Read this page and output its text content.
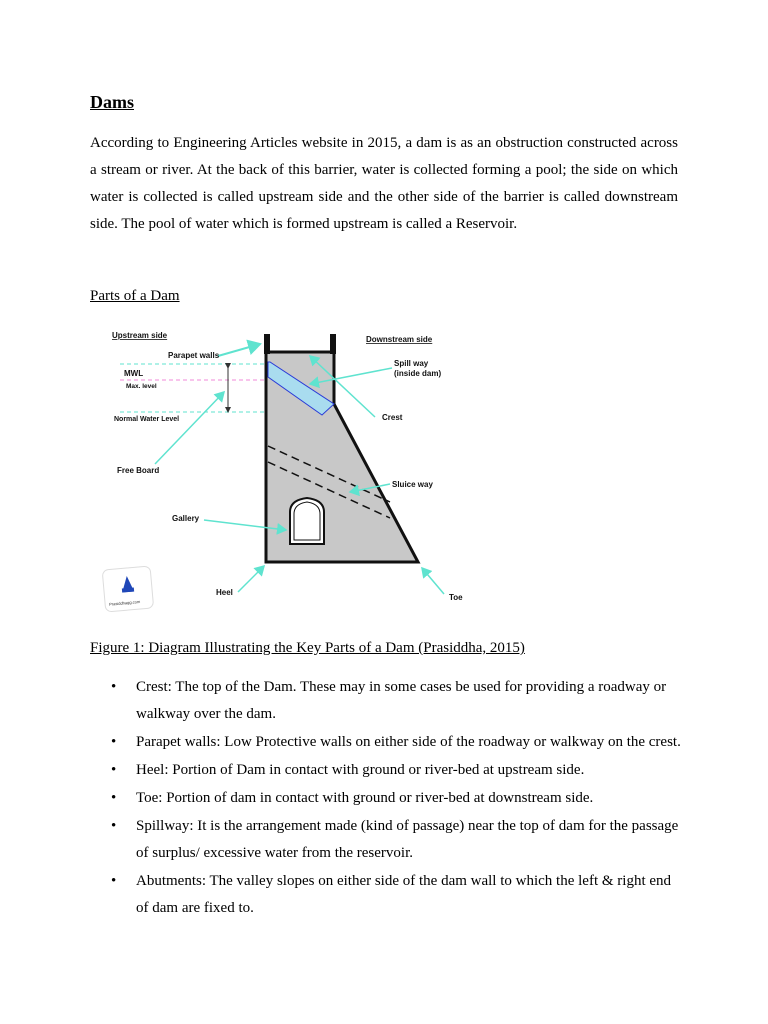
Dams

According to Engineering Articles website in 2015, a dam is as an obstruction constructed across a stream or river. At the back of this barrier, water is collected forming a pool; the side on which water is collected is called upstream side and the other side of the barrier is called downstream side. The pool of water which is formed upstream is called a Reservoir.

Parts of a Dam

Upstream side	Downstream side
Parapet walls
Spill way
(inside dam)
MWL
Max. level
Normal Water Level	Crest
Free Board
Sluice way
Gallery
Heel
Toe
Prasiddhagg.com

Figure 1: Diagram Illustrating the Key Parts of a Dam (Prasiddha, 2015)

• Crest: The top of the Dam. These may in some cases be used for providing a roadway or walkway over the dam.
• Parapet walls: Low Protective walls on either side of the roadway or walkway on the crest.
• Heel: Portion of Dam in contact with ground or river-bed at upstream side.
• Toe: Portion of dam in contact with ground or river-bed at downstream side.
• Spillway: It is the arrangement made (kind of passage) near the top of dam for the passage of surplus/ excessive water from the reservoir.
• Abutments: The valley slopes on either side of the dam wall to which the left & right end of dam are fixed to.
